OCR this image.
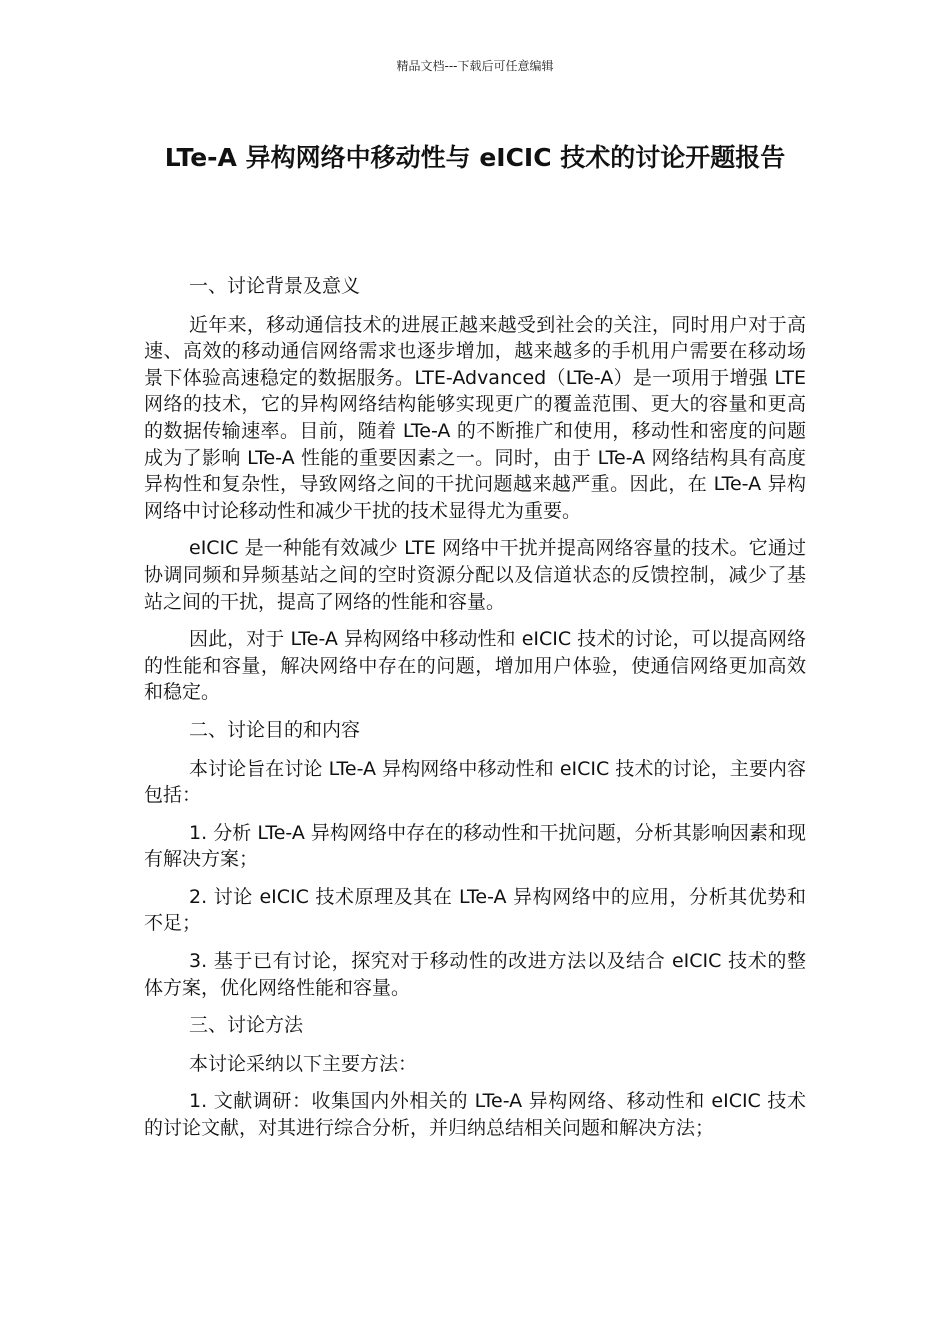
精品文档---下载后可任意编辑
LTe-A 异构网络中移动性与 eICIC 技术的讨论开题报告

一、讨论背景及意义

近年来，移动通信技术的进展正越来越受到社会的关注，同时用户对于高速、高效的移动通信网络需求也逐步增加，越来越多的手机用户需要在移动场景下体验高速稳定的数据服务。LTE-Advanced（LTe-A）是一项用于增强 LTE 网络的技术，它的异构网络结构能够实现更广的覆盖范围、更大的容量和更高的数据传输速率。目前，随着 LTe-A 的不断推广和使用，移动性和密度的问题成为了影响 LTe-A 性能的重要因素之一。同时，由于 LTe-A 网络结构具有高度异构性和复杂性，导致网络之间的干扰问题越来越严重。因此，在 LTe-A 异构网络中讨论移动性和减少干扰的技术显得尤为重要。

eICIC 是一种能有效减少 LTE 网络中干扰并提高网络容量的技术。它通过协调同频和异频基站之间的空时资源分配以及信道状态的反馈控制，减少了基站之间的干扰，提高了网络的性能和容量。

因此，对于 LTe-A 异构网络中移动性和 eICIC 技术的讨论，可以提高网络的性能和容量，解决网络中存在的问题，增加用户体验，使通信网络更加高效和稳定。

二、讨论目的和内容

本讨论旨在讨论 LTe-A 异构网络中移动性和 eICIC 技术的讨论，主要内容包括：

1. 分析 LTe-A 异构网络中存在的移动性和干扰问题，分析其影响因素和现有解决方案；

2. 讨论 eICIC 技术原理及其在 LTe-A 异构网络中的应用，分析其优势和不足；

3. 基于已有讨论，探究对于移动性的改进方法以及结合 eICIC 技术的整体方案，优化网络性能和容量。

三、讨论方法

本讨论采纳以下主要方法：

1. 文献调研：收集国内外相关的 LTe-A 异构网络、移动性和 eICIC 技术的讨论文献，对其进行综合分析，并归纳总结相关问题和解决方法；
